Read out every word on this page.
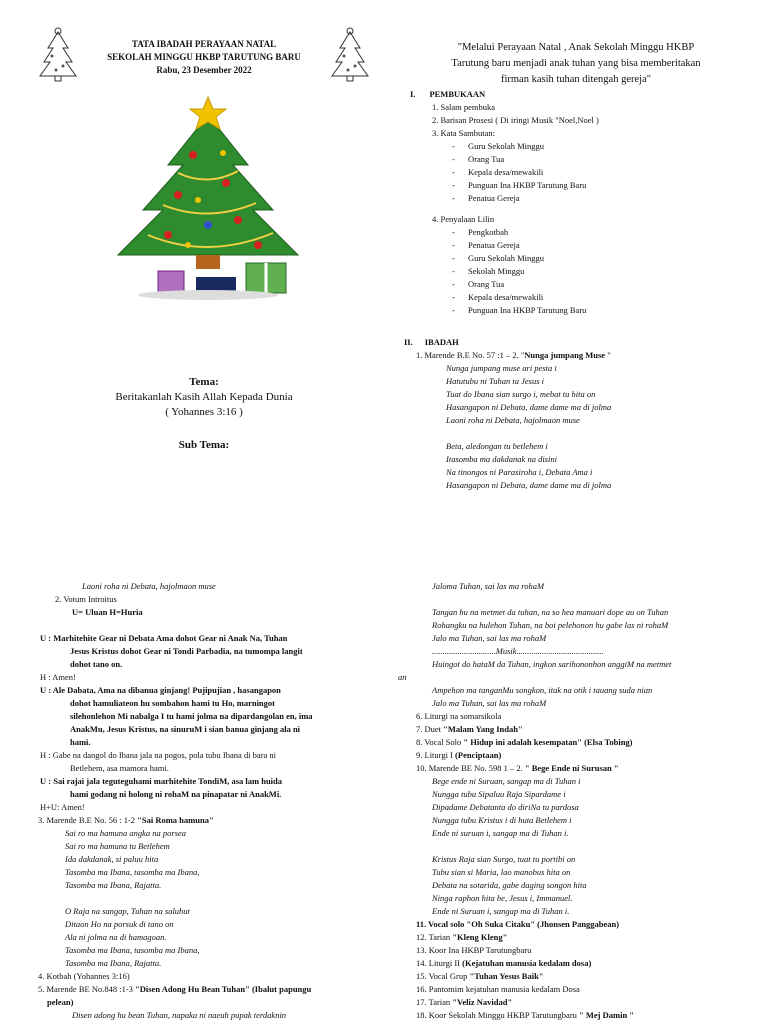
TATA IBADAH PERAYAAN NATAL
SEKOLAH MINGGU HKBP TARUTUNG BARU
Rabu, 23 Desember 2022
Tema:
Beritakanlah Kasih Allah Kepada Dunia
( Yohannes 3:16 )
Sub Tema:
"Melalui Perayaan Natal , Anak Sekolah Minggu HKBP
Tarutung baru menjadi anak tuhan yang bisa memberitakan
firman kasih tuhan ditengah gereja"
I. PEMBUKAAN
1. Salam pembuka
2. Barisan Prosesi ( Di iringi Musik "Noel,Noel )
3. Kata Sambutan:
- Guru Sekolah Minggu
- Orang Tua
- Kepala desa/mewakili
- Punguan Ina HKBP Tarutung Baru
- Penatua Gereja
4. Penyalaan Lilin
- Pengkotbah
- Penatua Gereja
- Guru Sekolah Minggu
- Sekolah Minggu
- Orang Tua
- Kepala desa/mewakili
- Punguan Ina HKBP Tarutung Baru
II. IBADAH
1. Marende B.E No. 57 :1 – 2. "Nunga jumpang Muse "
Nunga jumpang muse ari pesta i
Hatutubu ni Tuhan ta Jesus i
Tuat do Ibana sian surgo i, mebat tu hita on
Hasangapon ni Debata, dame dame ma di jolma
Laoni roha ni Debata, hajolmaon muse
Beta, aledongan tu betlehem i
Itasomba ma dakdanak na disini
Na tinongos ni Parasiroha i, Debata Ama i
Hasangapon ni Debata, dame dame ma di jolma
Laoni roha ni Debata, hajolmaon muse
2. Votum Introitus
U= Uluan H=Huria
U : Marhitehite Gear ni Debata Ama dohot Gear ni Anak Na, Tuhan
Jesus Kristus dohot Gear ni Tondi Parbadia, na tumompa langit
dohot tano on.
H : Amen!
U : Ale Dabata, Ama na dibanua ginjang! Pujipujian , hasangapon
dohot hamuliateon hu sombahon hami tu Ho, marningot
silehonlehon Mi nabalga I tu hami jolma na dipardangolan en, ima
AnakMu, Jesus Kristus, na sinuruM i sian banua ginjang ala ni
hami.
H : Gabe na dangol do Ibana jala na pogos, pola tubu Ibana di bara ni
Betlehem, asa mamora hami.
U : Sai rajai jala teguteguhami marhitehite TondiM, asa lam huida
hami godang ni holong ni rohaM na pinapatar ni AnakMi.
H+U: Amen!
3. Marende B.E No. 56 : 1-2 "Sai Roma hamuna"
Sai ro ma hamuna angka na porsea
Sai ro ma hamuna tu Betlehem
Ida dakdanak, si paluu hita
Tasomba ma Ibana, tasomba ma Ibana,
Tasomba ma Ibana, Rajatta.
O Raja na sangap, Tuhan na saluhut
Ditaon Ho na porsuk di tano on
Ala ni jolma na di hamagoan.
Tasomba ma Ibana, tasomba ma Ibana,
Tasomba ma Ibana, Rajatta.
4. Kotbah (Yohannes 3:16)
5. Marende BE No.848 :1-3 "Disen Adong Hu Bean Tuhan" (Ibalut papungu
pelean)
Disen adong hu bean Tuhan, napaka ni naeuh pupak terdaknin
Jaloma Tuhan, sai las ma rohaM
Tangan hu na metmet da tuhan, na so hea manuari dope au on Tuhan
Rohangku na hulehon Tuhan, na boi pelehonon hu gabe las ni rohaM
Jalo ma Tuhan, sai las ma rohaM
..............................Musik.........................................
Huingot do hataM da Tuhan, ingkon sarihononhon anggiM na metmet
an
Ampehon ma tanganMu songkon, itak na otik i tauang suda nian
Jalo ma Tuhan, sai las ma rohaM
6. Liturgi na somarsikola
7. Duet "Malam Yang Indah"
8. Vocal Solo " Hidup ini adalah kesempatan" (Elsa Tobing)
9. Liturgi I (Penciptaan)
10. Marende BE No. 598 1 – 2. " Bege Ende ni Surusan "
Bege ende ni Suruan, sangap ma di Tuhan i
Nungga tubu Sipaluu Raja Sipardame i
Dipadame Debatanta do diriNa tu pardosa
Nungga tubu Kristus i di huta Betlehem i
Ende ni suruan i, sangap ma di Tuhan i.
Kristus Raja sian Surgo, tuat tu portibi on
Tubu sian si Maria, lao manobus hita on
Debata na sotarida, gabe daging songon hita
Ninga raphon hita be, Jesus i, Immanuel.
Ende ni Suruan i, sangap ma di Tuhan i.
11. Vocal solo "Oh Suka Citaku" (Jhonsen Panggabean)
12. Tarian "Kleng Kleng"
13. Koor Ina HKBP Tarutungbaru
14. Liturgi II (Kejatuhan manusia kedalam dosa)
15. Vocal Grup "Tuhan Yesus Baik"
16. Pantomim kejatuhan manusia kedalam Dosa
17. Tarian "Veliz Navidad"
18. Koor Sekolah Minggu HKBP Tarutungbaru " Mej Damin "
